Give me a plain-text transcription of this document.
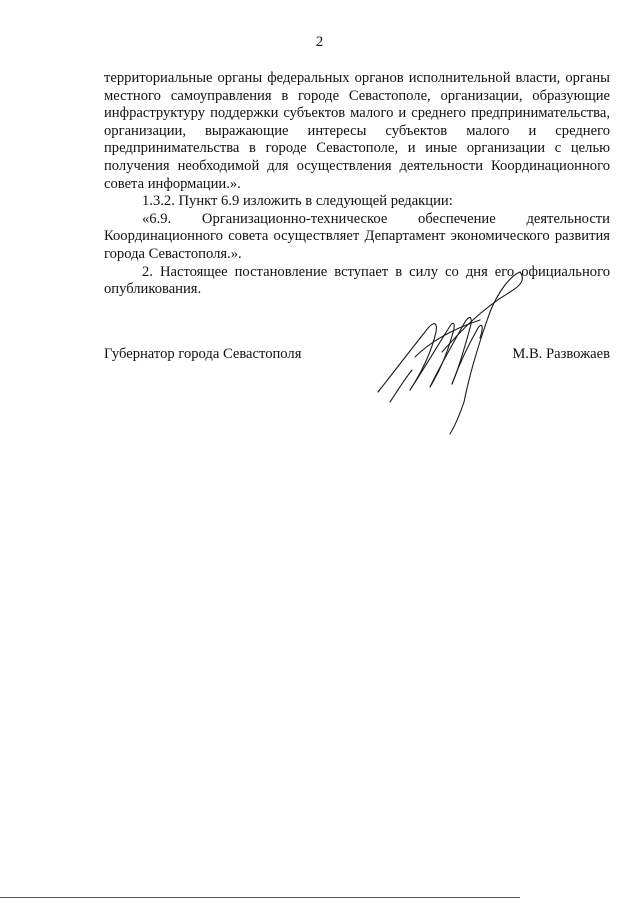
2

территориальные органы федеральных органов исполнительной власти, органы местного самоуправления в городе Севастополе, организации, образующие инфраструктуру поддержки субъектов малого и среднего предпринимательства, организации, выражающие интересы субъектов малого и среднего предпринимательства в городе Севастополе, и иные организации с целью получения необходимой для осуществления деятельности Координационного совета информации.».

1.3.2. Пункт 6.9 изложить в следующей редакции:

«6.9. Организационно-техническое обеспечение деятельности Координационного совета осуществляет Департамент экономического развития города Севастополя.».

2. Настоящее постановление вступает в силу со дня его официального опубликования.

Губернатор города Севастополя	М.В. Развожаев
